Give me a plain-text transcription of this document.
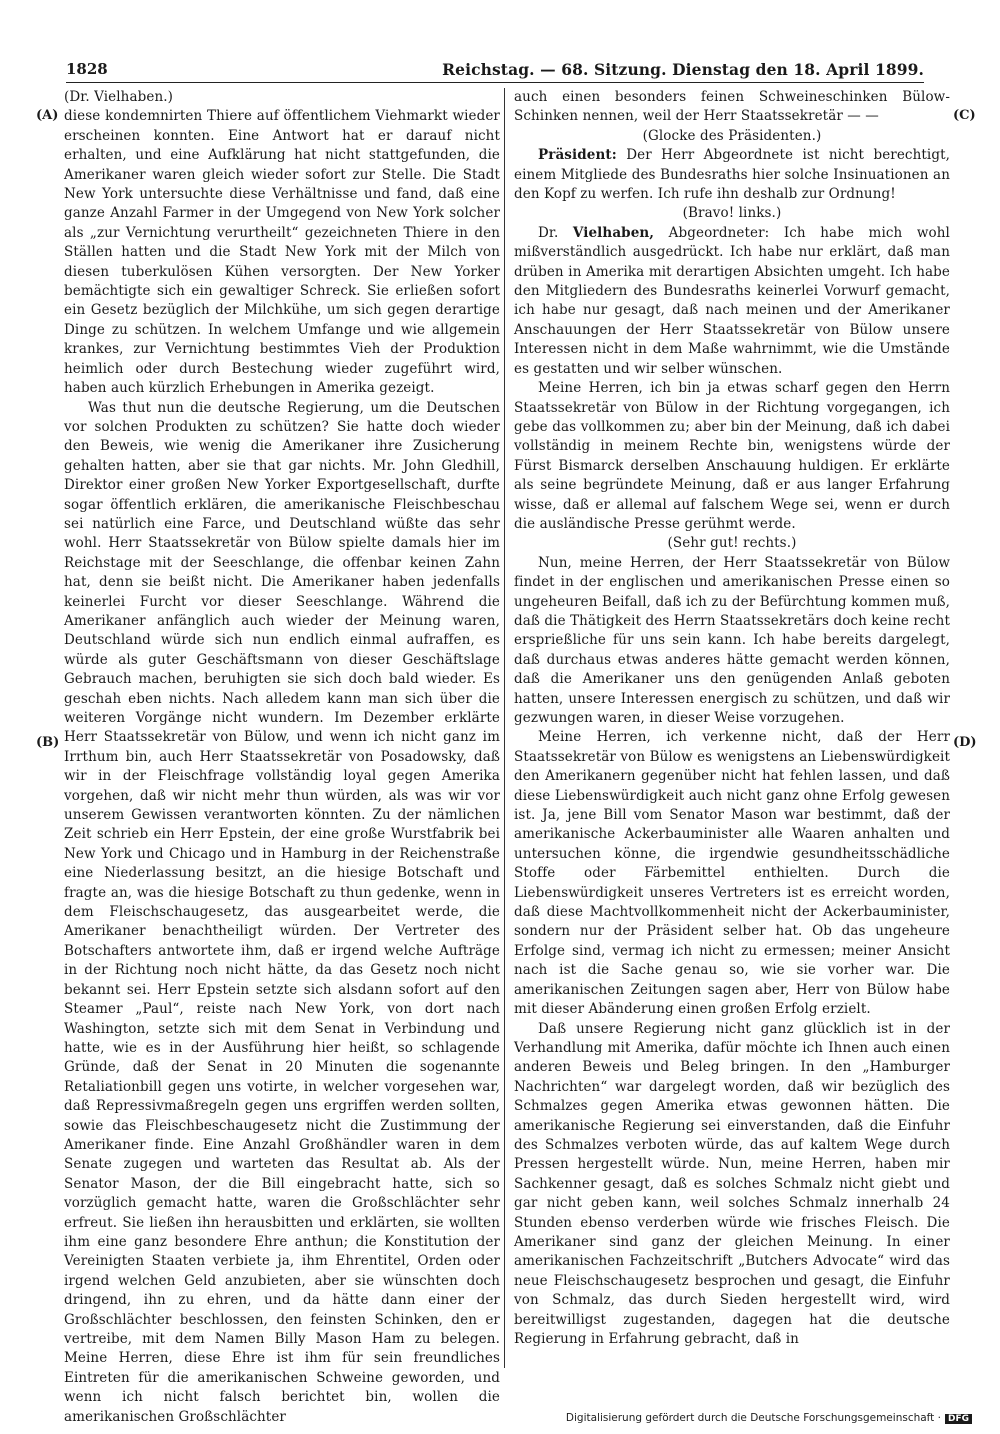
1828	Reichstag. — 68. Sitzung. Dienstag den 18. April 1899.
(A)
(B)
(C)
(D)

(Dr. Vielhaben.)

diese kondemnirten Thiere auf öffentlichem Viehmarkt wieder erscheinen konnten. Eine Antwort hat er darauf nicht erhalten, und eine Aufklärung hat nicht stattgefunden, die Amerikaner waren gleich wieder sofort zur Stelle. Die Stadt New York untersuchte diese Verhältnisse und fand, daß eine ganze Anzahl Farmer in der Umgegend von New York solcher als „zur Vernichtung verurtheilt“ gezeichneten Thiere in den Ställen hatten und die Stadt New York mit der Milch von diesen tuberkulösen Kühen versorgten. Der New Yorker bemächtigte sich ein gewaltiger Schreck. Sie erließen sofort ein Gesetz bezüglich der Milchkühe, um sich gegen derartige Dinge zu schützen. In welchem Umfange und wie allgemein krankes, zur Vernichtung bestimmtes Vieh der Produktion heimlich oder durch Bestechung wieder zugeführt wird, haben auch kürzlich Erhebungen in Amerika gezeigt.

Was thut nun die deutsche Regierung, um die Deutschen vor solchen Produkten zu schützen? Sie hatte doch wieder den Beweis, wie wenig die Amerikaner ihre Zusicherung gehalten hatten, aber sie that gar nichts. Mr. John Gledhill, Direktor einer großen New Yorker Exportgesellschaft, durfte sogar öffentlich erklären, die amerikanische Fleischbeschau sei natürlich eine Farce, und Deutschland wüßte das sehr wohl. Herr Staatssekretär von Bülow spielte damals hier im Reichstage mit der Seeschlange, die offenbar keinen Zahn hat, denn sie beißt nicht. Die Amerikaner haben jedenfalls keinerlei Furcht vor dieser Seeschlange. Während die Amerikaner anfänglich auch wieder der Meinung waren, Deutschland würde sich nun endlich einmal aufraffen, es würde als guter Geschäftsmann von dieser Geschäftslage Gebrauch machen, beruhigten sie sich doch bald wieder. Es geschah eben nichts. Nach alledem kann man sich über die weiteren Vorgänge nicht wundern. Im Dezember erklärte Herr Staatssekretär von Bülow, und wenn ich nicht ganz im Irrthum bin, auch Herr Staatssekretär von Posadowsky, daß wir in der Fleischfrage vollständig loyal gegen Amerika vorgehen, daß wir nicht mehr thun würden, als was wir vor unserem Gewissen verantworten könnten. Zu der nämlichen Zeit schrieb ein Herr Epstein, der eine große Wurstfabrik bei New York und Chicago und in Hamburg in der Reichenstraße eine Niederlassung besitzt, an die hiesige Botschaft und fragte an, was die hiesige Botschaft zu thun gedenke, wenn in dem Fleischschaugesetz, das ausgearbeitet werde, die Amerikaner benachtheiligt würden. Der Vertreter des Botschafters antwortete ihm, daß er irgend welche Aufträge in der Richtung noch nicht hätte, da das Gesetz noch nicht bekannt sei. Herr Epstein setzte sich alsdann sofort auf den Steamer „Paul“, reiste nach New York, von dort nach Washington, setzte sich mit dem Senat in Verbindung und hatte, wie es in der Ausführung hier heißt, so schlagende Gründe, daß der Senat in 20 Minuten die sogenannte Retaliationbill gegen uns votirte, in welcher vorgesehen war, daß Repressivmaßregeln gegen uns ergriffen werden sollten, sowie das Fleischbeschaugesetz nicht die Zustimmung der Amerikaner finde. Eine Anzahl Großhändler waren in dem Senate zugegen und warteten das Resultat ab. Als der Senator Mason, der die Bill eingebracht hatte, sich so vorzüglich gemacht hatte, waren die Großschlächter sehr erfreut. Sie ließen ihn herausbitten und erklärten, sie wollten ihm eine ganz besondere Ehre anthun; die Konstitution der Vereinigten Staaten verbiete ja, ihm Ehrentitel, Orden oder irgend welchen Geld anzubieten, aber sie wünschten doch dringend, ihn zu ehren, und da hätte dann einer der Großschlächter beschlossen, den feinsten Schinken, den er vertreibe, mit dem Namen Billy Mason Ham zu belegen. Meine Herren, diese Ehre ist ihm für sein freundliches Eintreten für die amerikanischen Schweine geworden, und wenn ich nicht falsch berichtet bin, wollen die amerikanischen Großschlächter

auch einen besonders feinen Schweineschinken Bülow-Schinken nennen, weil der Herr Staatssekretär — —

(Glocke des Präsidenten.)

Präsident: Der Herr Abgeordnete ist nicht berechtigt, einem Mitgliede des Bundesraths hier solche Insinuationen an den Kopf zu werfen. Ich rufe ihn deshalb zur Ordnung!

(Bravo! links.)

Dr. Vielhaben, Abgeordneter: Ich habe mich wohl mißverständlich ausgedrückt. Ich habe nur erklärt, daß man drüben in Amerika mit derartigen Absichten umgeht. Ich habe den Mitgliedern des Bundesraths keinerlei Vorwurf gemacht, ich habe nur gesagt, daß nach meinen und der Amerikaner Anschauungen der Herr Staatssekretär von Bülow unsere Interessen nicht in dem Maße wahrnimmt, wie die Umstände es gestatten und wir selber wünschen.

Meine Herren, ich bin ja etwas scharf gegen den Herrn Staatssekretär von Bülow in der Richtung vorgegangen, ich gebe das vollkommen zu; aber bin der Meinung, daß ich dabei vollständig in meinem Rechte bin, wenigstens würde der Fürst Bismarck derselben Anschauung huldigen. Er erklärte als seine begründete Meinung, daß er aus langer Erfahrung wisse, daß er allemal auf falschem Wege sei, wenn er durch die ausländische Presse gerühmt werde.

(Sehr gut! rechts.)

Nun, meine Herren, der Herr Staatssekretär von Bülow findet in der englischen und amerikanischen Presse einen so ungeheuren Beifall, daß ich zu der Befürchtung kommen muß, daß die Thätigkeit des Herrn Staatssekretärs doch keine recht ersprießliche für uns sein kann. Ich habe bereits dargelegt, daß durchaus etwas anderes hätte gemacht werden können, daß die Amerikaner uns den genügenden Anlaß geboten hatten, unsere Interessen energisch zu schützen, und daß wir gezwungen waren, in dieser Weise vorzugehen.

Meine Herren, ich verkenne nicht, daß der Herr Staatssekretär von Bülow es wenigstens an Liebenswürdigkeit den Amerikanern gegenüber nicht hat fehlen lassen, und daß diese Liebenswürdigkeit auch nicht ganz ohne Erfolg gewesen ist. Ja, jene Bill vom Senator Mason war bestimmt, daß der amerikanische Ackerbauminister alle Waaren anhalten und untersuchen könne, die irgendwie gesundheitsschädliche Stoffe oder Färbemittel enthielten. Durch die Liebenswürdigkeit unseres Vertreters ist es erreicht worden, daß diese Machtvollkommenheit nicht der Ackerbauminister, sondern nur der Präsident selber hat. Ob das ungeheure Erfolge sind, vermag ich nicht zu ermessen; meiner Ansicht nach ist die Sache genau so, wie sie vorher war. Die amerikanischen Zeitungen sagen aber, Herr von Bülow habe mit dieser Abänderung einen großen Erfolg erzielt.

Daß unsere Regierung nicht ganz glücklich ist in der Verhandlung mit Amerika, dafür möchte ich Ihnen auch einen anderen Beweis und Beleg bringen. In den „Hamburger Nachrichten“ war dargelegt worden, daß wir bezüglich des Schmalzes gegen Amerika etwas gewonnen hätten. Die amerikanische Regierung sei einverstanden, daß die Einfuhr des Schmalzes verboten würde, das auf kaltem Wege durch Pressen hergestellt würde. Nun, meine Herren, haben mir Sachkenner gesagt, daß es solches Schmalz nicht giebt und gar nicht geben kann, weil solches Schmalz innerhalb 24 Stunden ebenso verderben würde wie frisches Fleisch. Die Amerikaner sind ganz der gleichen Meinung. In einer amerikanischen Fachzeitschrift „Butchers Advocate“ wird das neue Fleischschaugesetz besprochen und gesagt, die Einfuhr von Schmalz, das durch Sieden hergestellt wird, wird bereitwilligst zugestanden, dagegen hat die deutsche Regierung in Erfahrung gebracht, daß in

Digitalisierung gefördert durch die Deutsche Forschungsgemeinschaft · DFG
